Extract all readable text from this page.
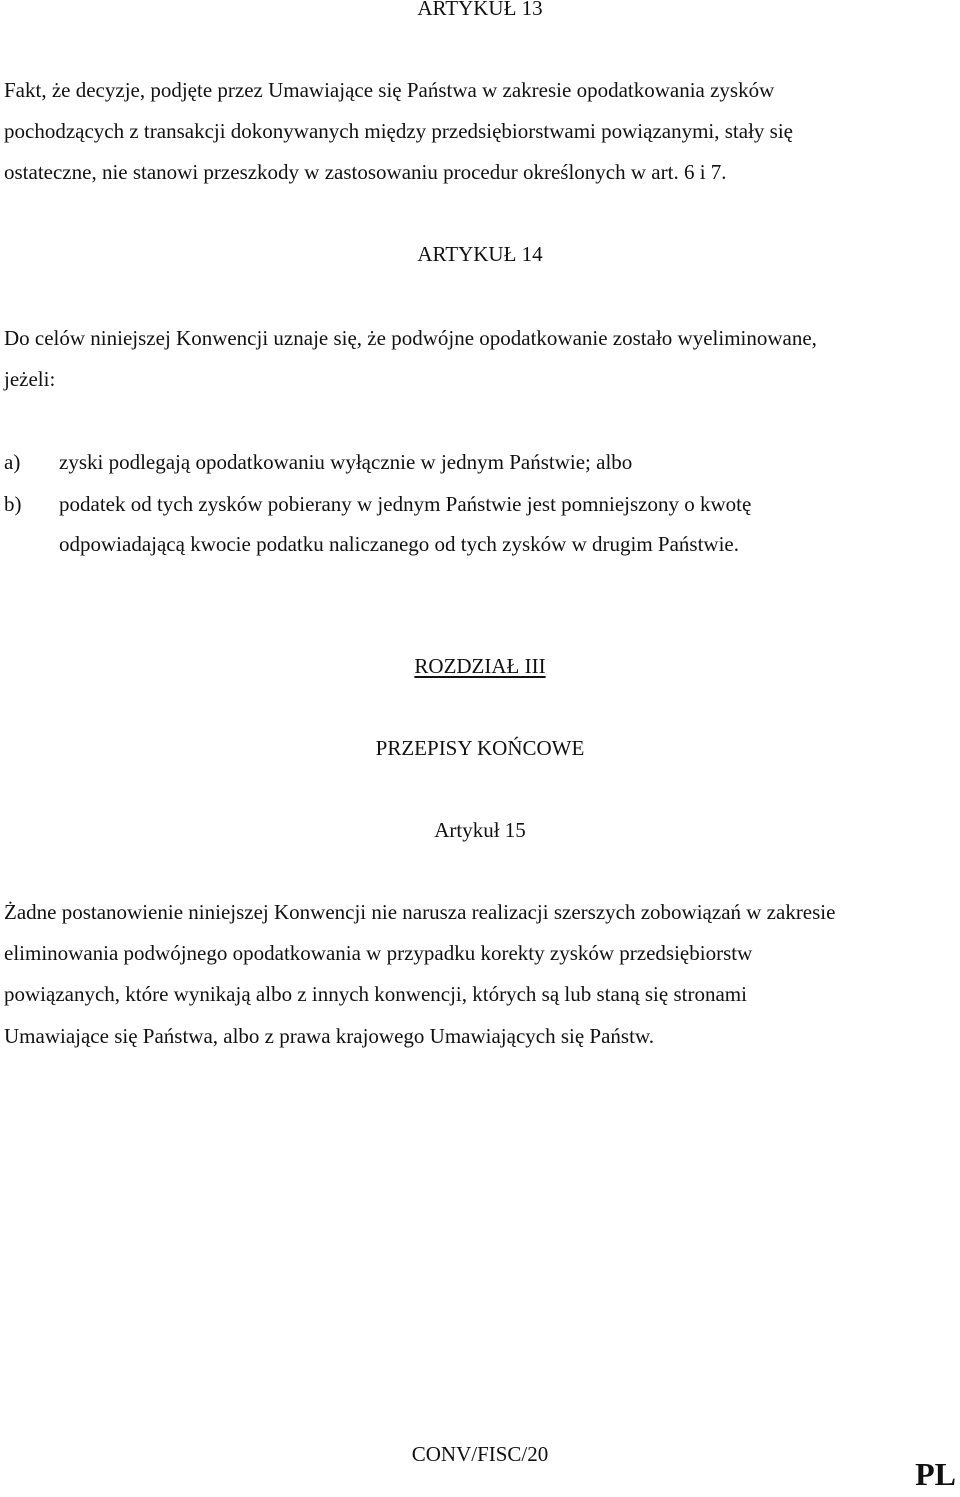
ARTYKUŁ 13
Fakt, że decyzje, podjęte przez Umawiające się Państwa w zakresie opodatkowania zysków
pochodzących z transakcji dokonywanych między przedsiębiorstwami powiązanymi, stały się
ostateczne, nie stanowi przeszkody w zastosowaniu procedur określonych w art. 6 i 7.
ARTYKUŁ 14
Do celów niniejszej Konwencji uznaje się, że podwójne opodatkowanie zostało wyeliminowane,
jeżeli:
a) zyski podlegają opodatkowaniu wyłącznie w jednym Państwie; albo
b) podatek od tych zysków pobierany w jednym Państwie jest pomniejszony o kwotę
odpowiadającą kwocie podatku naliczanego od tych zysków w drugim Państwie.
ROZDZIAŁ III
PRZEPISY KOŃCOWE
Artykuł 15
Żadne postanowienie niniejszej Konwencji nie narusza realizacji szerszych zobowiązań w zakresie
eliminowania podwójnego opodatkowania w przypadku korekty zysków przedsiębiorstw
powiązanych, które wynikają albo z innych konwencji, których są lub staną się stronami
Umawiające się Państwa, albo z prawa krajowego Umawiających się Państw.
CONV/FISC/20
PL
